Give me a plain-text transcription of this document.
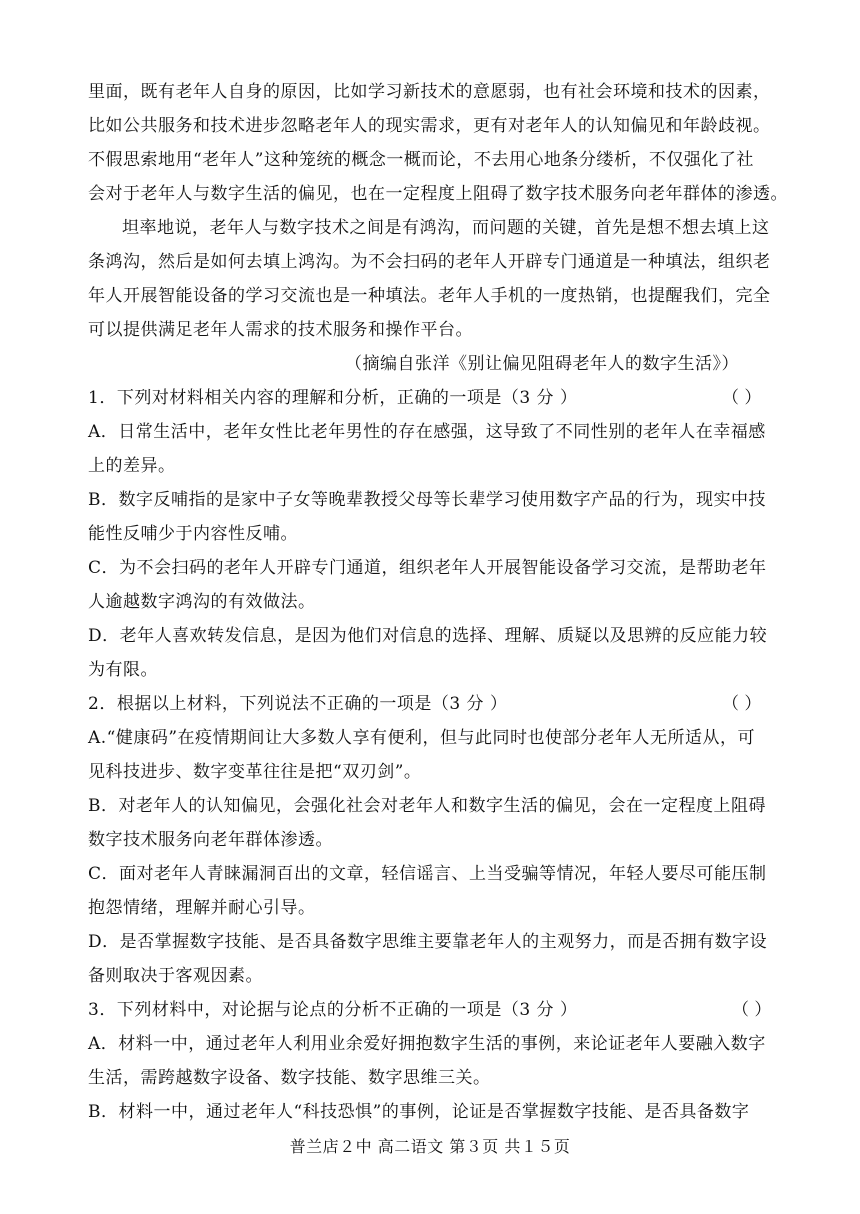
里面，既有老年人自身的原因，比如学习新技术的意愿弱，也有社会环境和技术的因素，
比如公共服务和技术进步忽略老年人的现实需求，更有对老年人的认知偏见和年龄歧视。
不假思索地用“老年人”这种笼统的概念一概而论，不去用心地条分缕析，不仅强化了社
会对于老年人与数字生活的偏见，也在一定程度上阻碍了数字技术服务向老年群体的渗透。
坦率地说，老年人与数字技术之间是有鸿沟，而问题的关键，首先是想不想去填上这
条鸿沟，然后是如何去填上鸿沟。为不会扫码的老年人开辟专门通道是一种填法，组织老
年人开展智能设备的学习交流也是一种填法。老年人手机的一度热销，也提醒我们，完全
可以提供满足老年人需求的技术服务和操作平台。
（摘编自张洋《别让偏见阻碍老年人的数字生活》）
1．下列对材料相关内容的理解和分析，正确的一项是（3 分 ）	（ ）
A．日常生活中，老年女性比老年男性的存在感强，这导致了不同性别的老年人在幸福感
上的差异。
B．数字反哺指的是家中子女等晚辈教授父母等长辈学习使用数字产品的行为，现实中技
能性反哺少于内容性反哺。
C．为不会扫码的老年人开辟专门通道，组织老年人开展智能设备学习交流，是帮助老年
人逾越数字鸿沟的有效做法。
D．老年人喜欢转发信息，是因为他们对信息的选择、理解、质疑以及思辨的反应能力较
为有限。
2．根据以上材料，下列说法不正确的一项是（3 分 ）	（ ）
A.“健康码”在疫情期间让大多数人享有便利，但与此同时也使部分老年人无所适从，可
见科技进步、数字变革往往是把“双刃剑”。
B．对老年人的认知偏见，会强化社会对老年人和数字生活的偏见，会在一定程度上阻碍
数字技术服务向老年群体渗透。
C．面对老年人青睐漏洞百出的文章，轻信谣言、上当受骗等情况，年轻人要尽可能压制
抱怨情绪，理解并耐心引导。
D．是否掌握数字技能、是否具备数字思维主要靠老年人的主观努力，而是否拥有数字设
备则取决于客观因素。
3．下列材料中，对论据与论点的分析不正确的一项是（3 分 ）	（ ）
A．材料一中，通过老年人利用业余爱好拥抱数字生活的事例，来论证老年人要融入数字
生活，需跨越数字设备、数字技能、数字思维三关。
B．材料一中，通过老年人“科技恐惧”的事例，论证是否掌握数字技能、是否具备数字
普兰店２中 高二语文 第３页 共１５页
